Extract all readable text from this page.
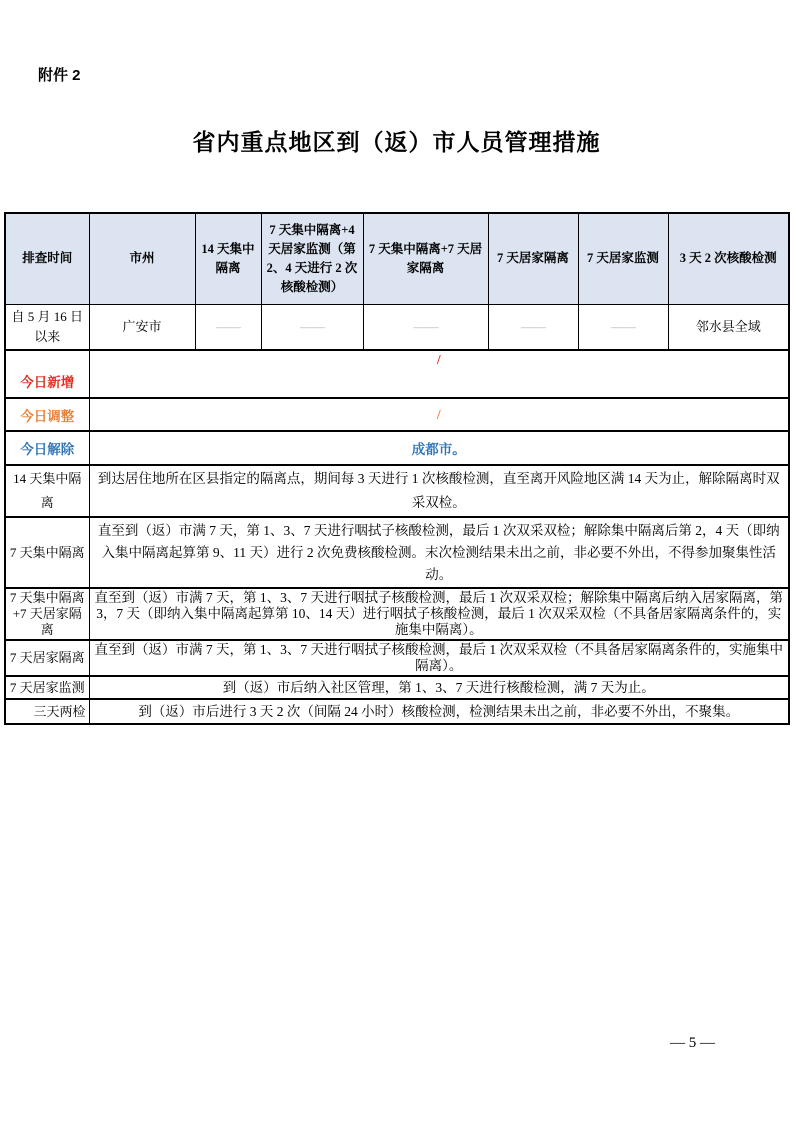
附件 2
省内重点地区到（返）市人员管理措施
排查时间	市州	14 天集中隔离	7 天集中隔离+4 天居家监测（第 2、4 天进行 2 次核酸检测）	7 天集中隔离+7 天居家隔离	7 天居家隔离	7 天居家监测	3 天 2 次核酸检测
自 5 月 16 日以来	广安市	——	——	——	——	——	邻水县全域
今日新增	/						
今日调整	/						
今日解除	成都市。						
14 天集中隔离	到达居住地所在区县指定的隔离点，期间每 3 天进行 1 次核酸检测，直至离开风险地区满 14 天为止，解除隔离时双采双检。						
7 天集中隔离	直至到（返）市满 7 天，第 1、3、7 天进行咽拭子核酸检测，最后 1 次双采双检；解除集中隔离后第 2，4 天（即纳入集中隔离起算第 9、11 天）进行 2 次免费核酸检测。末次检测结果未出之前，非必要不外出，不得参加聚集性活动。						
7 天集中隔离+7 天居家隔离	直至到（返）市满 7 天，第 1、3、7 天进行咽拭子核酸检测，最后 1 次双采双检；解除集中隔离后纳入居家隔离，第 3，7 天（即纳入集中隔离起算第 10、14 天）进行咽拭子核酸检测，最后 1 次双采双检（不具备居家隔离条件的，实施集中隔离）。						
7 天居家隔离	直至到（返）市满 7 天，第 1、3、7 天进行咽拭子核酸检测，最后 1 次双采双检（不具备居家隔离条件的，实施集中隔离）。						
7 天居家监测	到（返）市后纳入社区管理，第 1、3、7 天进行核酸检测，满 7 天为止。						
三天两检	到（返）市后进行 3 天 2 次（间隔 24 小时）核酸检测，检测结果未出之前，非必要不外出，不聚集。						
— 5 —
